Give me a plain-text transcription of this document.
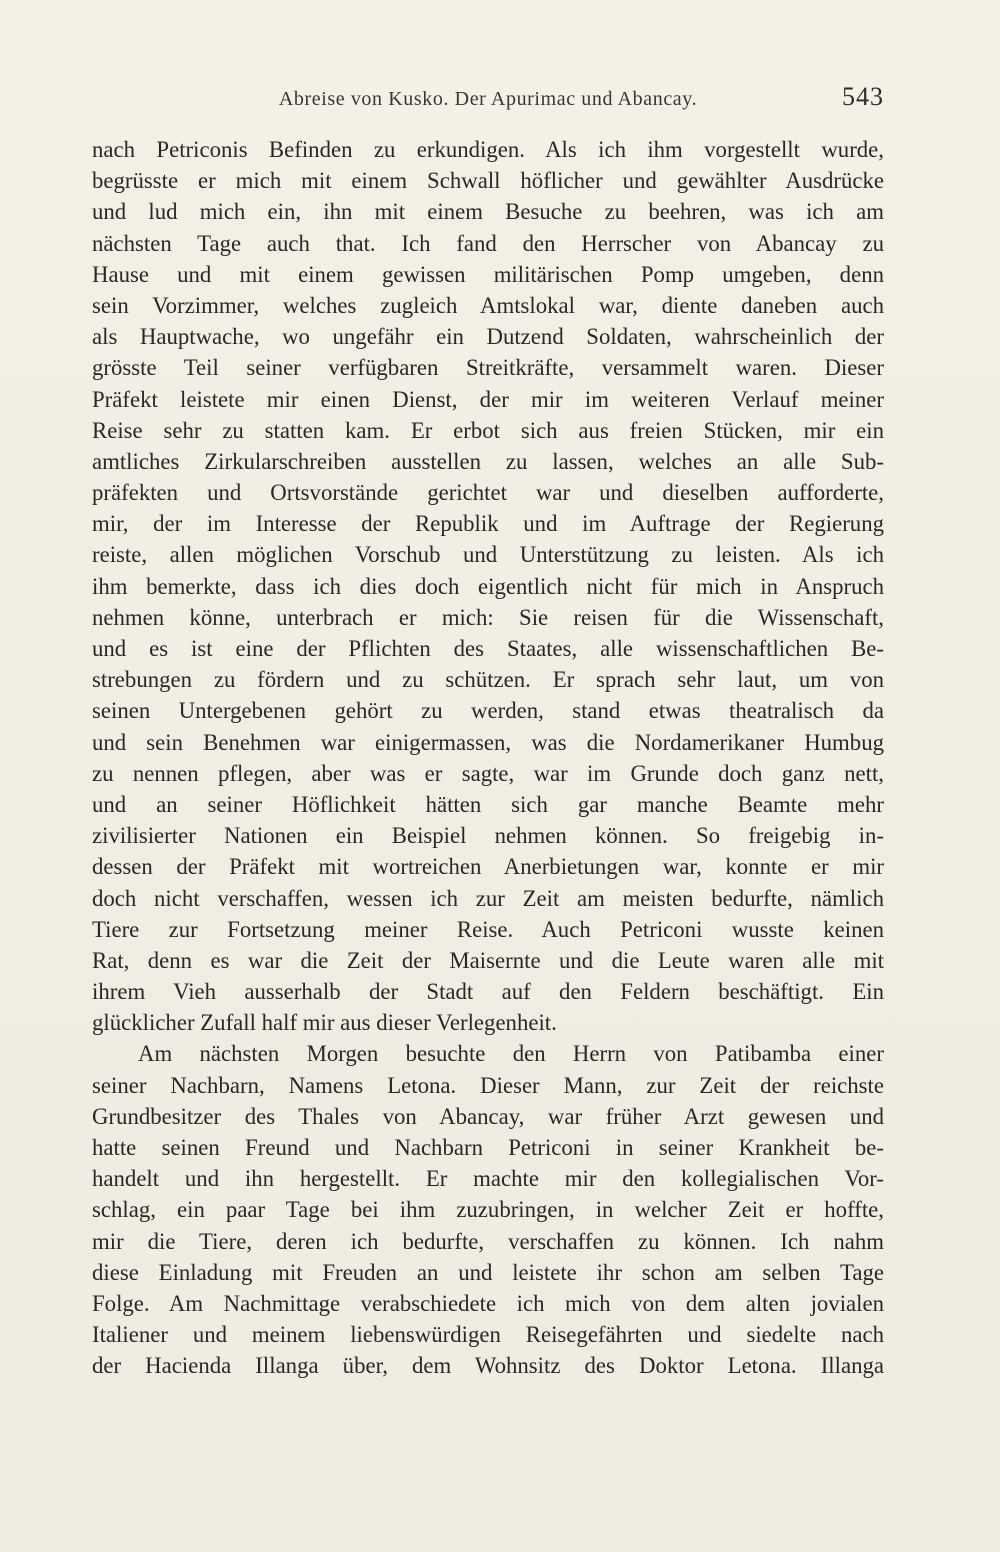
Abreise von Kusko. Der Apurimac und Abancay.	543
nach Petriconis Befinden zu erkundigen. Als ich ihm vorgestellt wurde,
begrüsste er mich mit einem Schwall höflicher und gewählter Ausdrücke
und lud mich ein, ihn mit einem Besuche zu beehren, was ich am
nächsten Tage auch that. Ich fand den Herrscher von Abancay zu
Hause und mit einem gewissen militärischen Pomp umgeben, denn
sein Vorzimmer, welches zugleich Amtslokal war, diente daneben auch
als Hauptwache, wo ungefähr ein Dutzend Soldaten, wahrscheinlich der
grösste Teil seiner verfügbaren Streitkräfte, versammelt waren. Dieser
Präfekt leistete mir einen Dienst, der mir im weiteren Verlauf meiner
Reise sehr zu statten kam. Er erbot sich aus freien Stücken, mir ein
amtliches Zirkularschreiben ausstellen zu lassen, welches an alle Sub-
präfekten und Ortsvorstände gerichtet war und dieselben aufforderte,
mir, der im Interesse der Republik und im Auftrage der Regierung
reiste, allen möglichen Vorschub und Unterstützung zu leisten. Als ich
ihm bemerkte, dass ich dies doch eigentlich nicht für mich in Anspruch
nehmen könne, unterbrach er mich: Sie reisen für die Wissenschaft,
und es ist eine der Pflichten des Staates, alle wissenschaftlichen Be-
strebungen zu fördern und zu schützen. Er sprach sehr laut, um von
seinen Untergebenen gehört zu werden, stand etwas theatralisch da
und sein Benehmen war einigermassen, was die Nordamerikaner Humbug
zu nennen pflegen, aber was er sagte, war im Grunde doch ganz nett,
und an seiner Höflichkeit hätten sich gar manche Beamte mehr
zivilisierter Nationen ein Beispiel nehmen können. So freigebig in-
dessen der Präfekt mit wortreichen Anerbietungen war, konnte er mir
doch nicht verschaffen, wessen ich zur Zeit am meisten bedurfte, nämlich
Tiere zur Fortsetzung meiner Reise. Auch Petriconi wusste keinen
Rat, denn es war die Zeit der Maisernte und die Leute waren alle mit
ihrem Vieh ausserhalb der Stadt auf den Feldern beschäftigt. Ein
glücklicher Zufall half mir aus dieser Verlegenheit.
Am nächsten Morgen besuchte den Herrn von Patibamba einer
seiner Nachbarn, Namens Letona. Dieser Mann, zur Zeit der reichste
Grundbesitzer des Thales von Abancay, war früher Arzt gewesen und
hatte seinen Freund und Nachbarn Petriconi in seiner Krankheit be-
handelt und ihn hergestellt. Er machte mir den kollegialischen Vor-
schlag, ein paar Tage bei ihm zuzubringen, in welcher Zeit er hoffte,
mir die Tiere, deren ich bedurfte, verschaffen zu können. Ich nahm
diese Einladung mit Freuden an und leistete ihr schon am selben Tage
Folge. Am Nachmittage verabschiedete ich mich von dem alten jovialen
Italiener und meinem liebenswürdigen Reisegefährten und siedelte nach
der Hacienda Illanga über, dem Wohnsitz des Doktor Letona. Illanga
